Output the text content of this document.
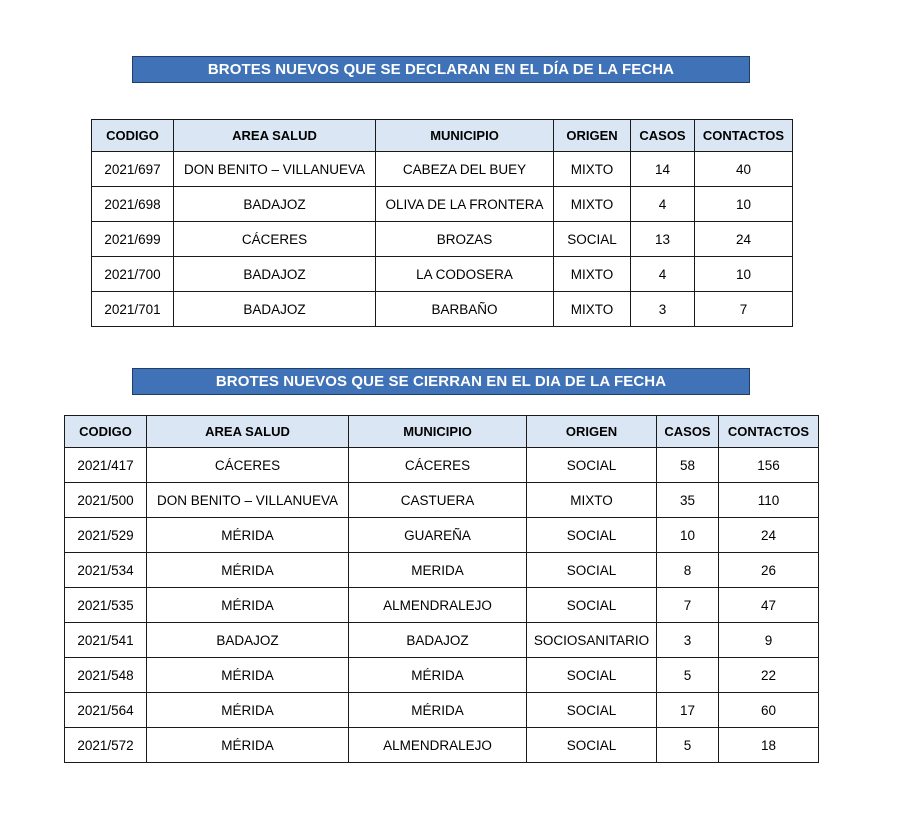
BROTES NUEVOS QUE SE DECLARAN EN EL DÍA DE LA FECHA
CODIGO	AREA SALUD	MUNICIPIO	ORIGEN	CASOS	CONTACTOS
2021/697	DON BENITO – VILLANUEVA	CABEZA DEL BUEY	MIXTO	14	40
2021/698	BADAJOZ	OLIVA DE LA FRONTERA	MIXTO	4	10
2021/699	CÁCERES	BROZAS	SOCIAL	13	24
2021/700	BADAJOZ	LA CODOSERA	MIXTO	4	10
2021/701	BADAJOZ	BARBAÑO	MIXTO	3	7
BROTES NUEVOS QUE SE CIERRAN EN EL DIA DE LA FECHA
CODIGO	AREA SALUD	MUNICIPIO	ORIGEN	CASOS	CONTACTOS
2021/417	CÁCERES	CÁCERES	SOCIAL	58	156
2021/500	DON BENITO – VILLANUEVA	CASTUERA	MIXTO	35	110
2021/529	MÉRIDA	GUAREÑA	SOCIAL	10	24
2021/534	MÉRIDA	MERIDA	SOCIAL	8	26
2021/535	MÉRIDA	ALMENDRALEJO	SOCIAL	7	47
2021/541	BADAJOZ	BADAJOZ	SOCIOSANITARIO	3	9
2021/548	MÉRIDA	MÉRIDA	SOCIAL	5	22
2021/564	MÉRIDA	MÉRIDA	SOCIAL	17	60
2021/572	MÉRIDA	ALMENDRALEJO	SOCIAL	5	18
